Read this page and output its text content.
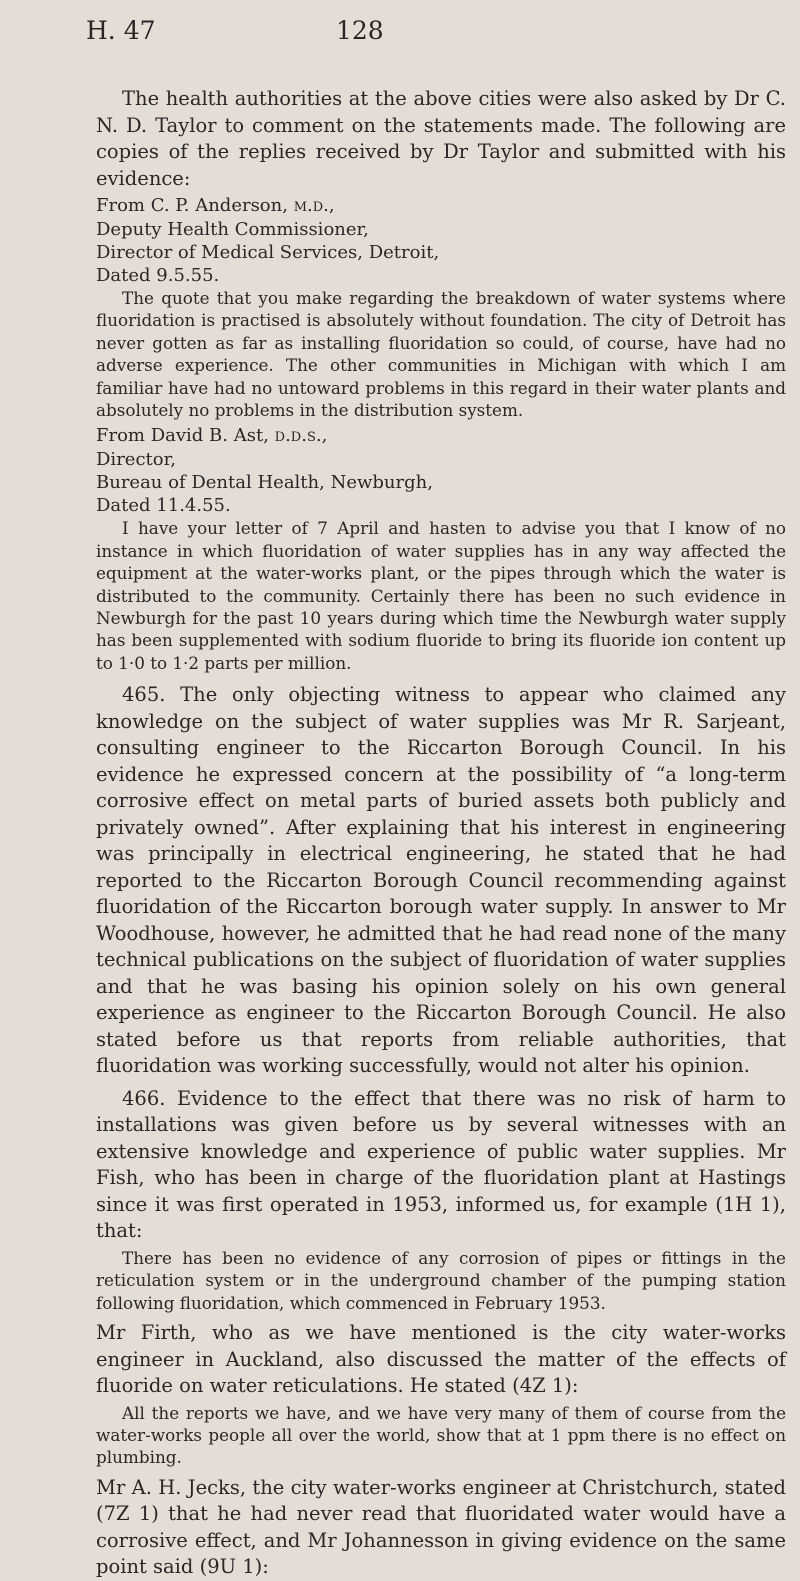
H. 47	128

The health authorities at the above cities were also asked by Dr C. N. D. Taylor to comment on the statements made. The following are copies of the replies received by Dr Taylor and submitted with his evidence:

From C. P. Anderson, m.d.,

Deputy Health Commissioner,

Director of Medical Services, Detroit,

Dated 9.5.55.

The quote that you make regarding the breakdown of water systems where fluoridation is practised is absolutely without foundation. The city of Detroit has never gotten as far as installing fluoridation so could, of course, have had no adverse experience. The other communities in Michigan with which I am familiar have had no untoward problems in this regard in their water plants and absolutely no problems in the distribution system.

From David B. Ast, d.d.s.,

Director,

Bureau of Dental Health, Newburgh,

Dated 11.4.55.

I have your letter of 7 April and hasten to advise you that I know of no instance in which fluoridation of water supplies has in any way affected the equipment at the water-works plant, or the pipes through which the water is distributed to the community. Certainly there has been no such evidence in Newburgh for the past 10 years during which time the Newburgh water supply has been supplemented with sodium fluoride to bring its fluoride ion content up to 1·0 to 1·2 parts per million.

465. The only objecting witness to appear who claimed any knowledge on the subject of water supplies was Mr R. Sarjeant, consulting engineer to the Riccarton Borough Council. In his evidence he expressed concern at the possibility of “a long-term corrosive effect on metal parts of buried assets both publicly and privately owned”. After explaining that his interest in engineering was principally in electrical engineering, he stated that he had reported to the Riccarton Borough Council recommending against fluoridation of the Riccarton borough water supply. In answer to Mr Woodhouse, however, he admitted that he had read none of the many technical publications on the subject of fluoridation of water supplies and that he was basing his opinion solely on his own general experience as engineer to the Riccarton Borough Council. He also stated before us that reports from reliable authorities, that fluoridation was working successfully, would not alter his opinion.

466. Evidence to the effect that there was no risk of harm to installations was given before us by several witnesses with an extensive knowledge and experience of public water supplies. Mr Fish, who has been in charge of the fluoridation plant at Hastings since it was first operated in 1953, informed us, for example (1H 1), that:

There has been no evidence of any corrosion of pipes or fittings in the reticulation system or in the underground chamber of the pumping station following fluoridation, which commenced in February 1953.

Mr Firth, who as we have mentioned is the city water-works engineer in Auckland, also discussed the matter of the effects of fluoride on water reticulations. He stated (4Z 1):

All the reports we have, and we have very many of them of course from the water-works people all over the world, show that at 1 ppm there is no effect on plumbing.

Mr A. H. Jecks, the city water-works engineer at Christchurch, stated (7Z 1) that he had never read that fluoridated water would have a corrosive effect, and Mr Johannesson in giving evidence on the same point said (9U 1):
